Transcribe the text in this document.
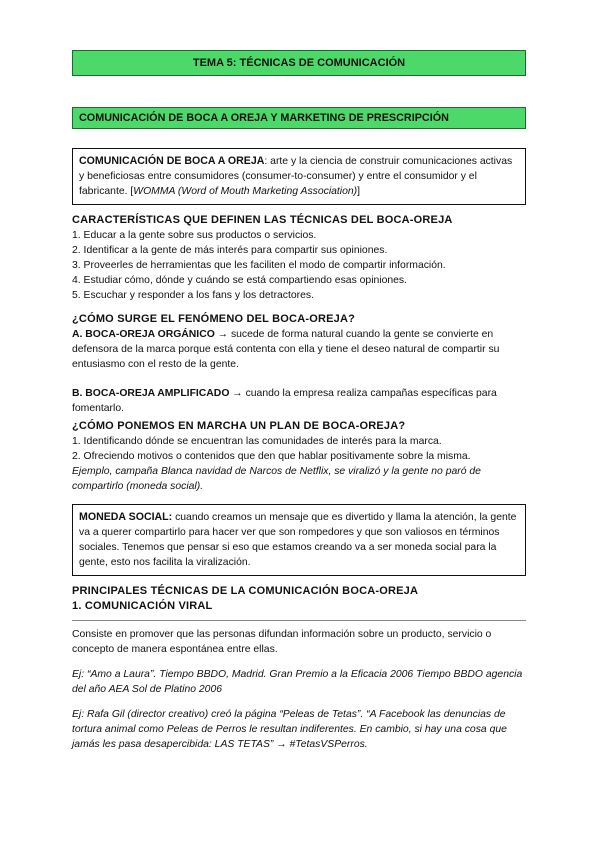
TEMA 5: TÉCNICAS DE COMUNICACIÓN
COMUNICACIÓN DE BOCA A OREJA Y MARKETING DE PRESCRIPCIÓN
COMUNICACIÓN DE BOCA A OREJA: arte y la ciencia de construir comunicaciones activas y beneficiosas entre consumidores (consumer-to-consumer) y entre el consumidor y el fabricante. [WOMMA (Word of Mouth Marketing Association)]
CARACTERÍSTICAS QUE DEFINEN LAS TÉCNICAS DEL BOCA-OREJA
1. Educar a la gente sobre sus productos o servicios.
2. Identificar a la gente de más interés para compartir sus opiniones.
3. Proveerles de herramientas que les faciliten el modo de compartir información.
4. Estudiar cómo, dónde y cuándo se está compartiendo esas opiniones.
5. Escuchar y responder a los fans y los detractores.
¿CÓMO SURGE EL FENÓMENO DEL BOCA-OREJA?
A. BOCA-OREJA ORGÁNICO → sucede de forma natural cuando la gente se convierte en defensora de la marca porque está contenta con ella y tiene el deseo natural de compartir su entusiasmo con el resto de la gente.
B. BOCA-OREJA AMPLIFICADO → cuando la empresa realiza campañas específicas para fomentarlo.
¿CÓMO PONEMOS EN MARCHA UN PLAN DE BOCA-OREJA?
1. Identificando dónde se encuentran las comunidades de interés para la marca.
2. Ofreciendo motivos o contenidos que den que hablar positivamente sobre la misma.
Ejemplo, campaña Blanca navidad de Narcos de Netflix, se viralizó y la gente no paró de compartirlo (moneda social).
MONEDA SOCIAL: cuando creamos un mensaje que es divertido y llama la atención, la gente va a querer compartirlo para hacer ver que son rompedores y que son valiosos en términos sociales. Tenemos que pensar si eso que estamos creando va a ser moneda social para la gente, esto nos facilita la viralización.
PRINCIPALES TÉCNICAS DE LA COMUNICACIÓN BOCA-OREJA
1. COMUNICACIÓN VIRAL
Consiste en promover que las personas difundan información sobre un producto, servicio o concepto de manera espontánea entre ellas.
Ej: “Amo a Laura”. Tiempo BBDO, Madrid. Gran Premio a la Eficacia 2006 Tiempo BBDO agencia del año AEA Sol de Platino 2006
Ej: Rafa Gil (director creativo) creó la página “Peleas de Tetas”. “A Facebook las denuncias de tortura animal como Peleas de Perros le resultan indiferentes. En cambio, si hay una cosa que jamás les pasa desapercibida: LAS TETAS” → #TetasVSPerros.
